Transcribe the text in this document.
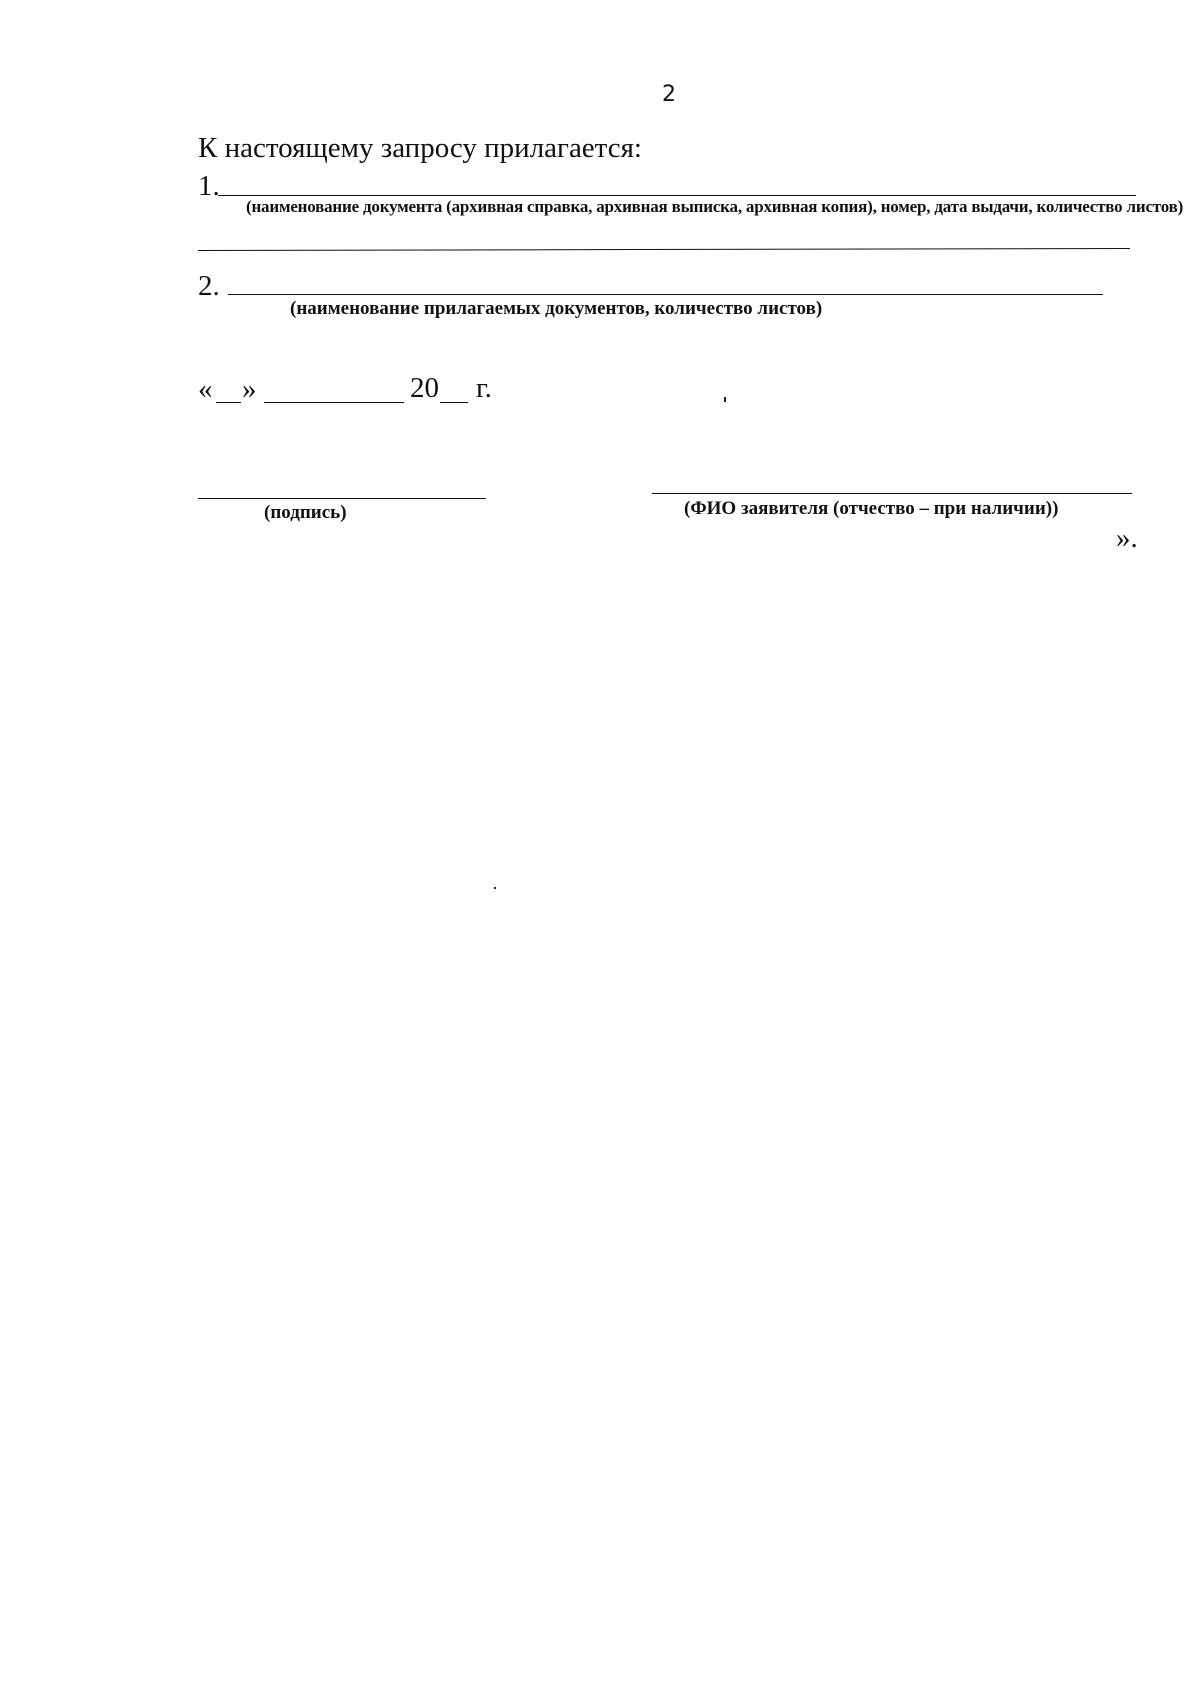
2
К настоящему запросу прилагается:
1.
(наименование документа (архивная справка, архивная выписка, архивная копия), номер, дата выдачи, количество листов)
2.
(наименование прилагаемых документов, количество листов)
« »	20 г.
(подпись)	(ФИО заявителя (отчество – при наличии))
».
